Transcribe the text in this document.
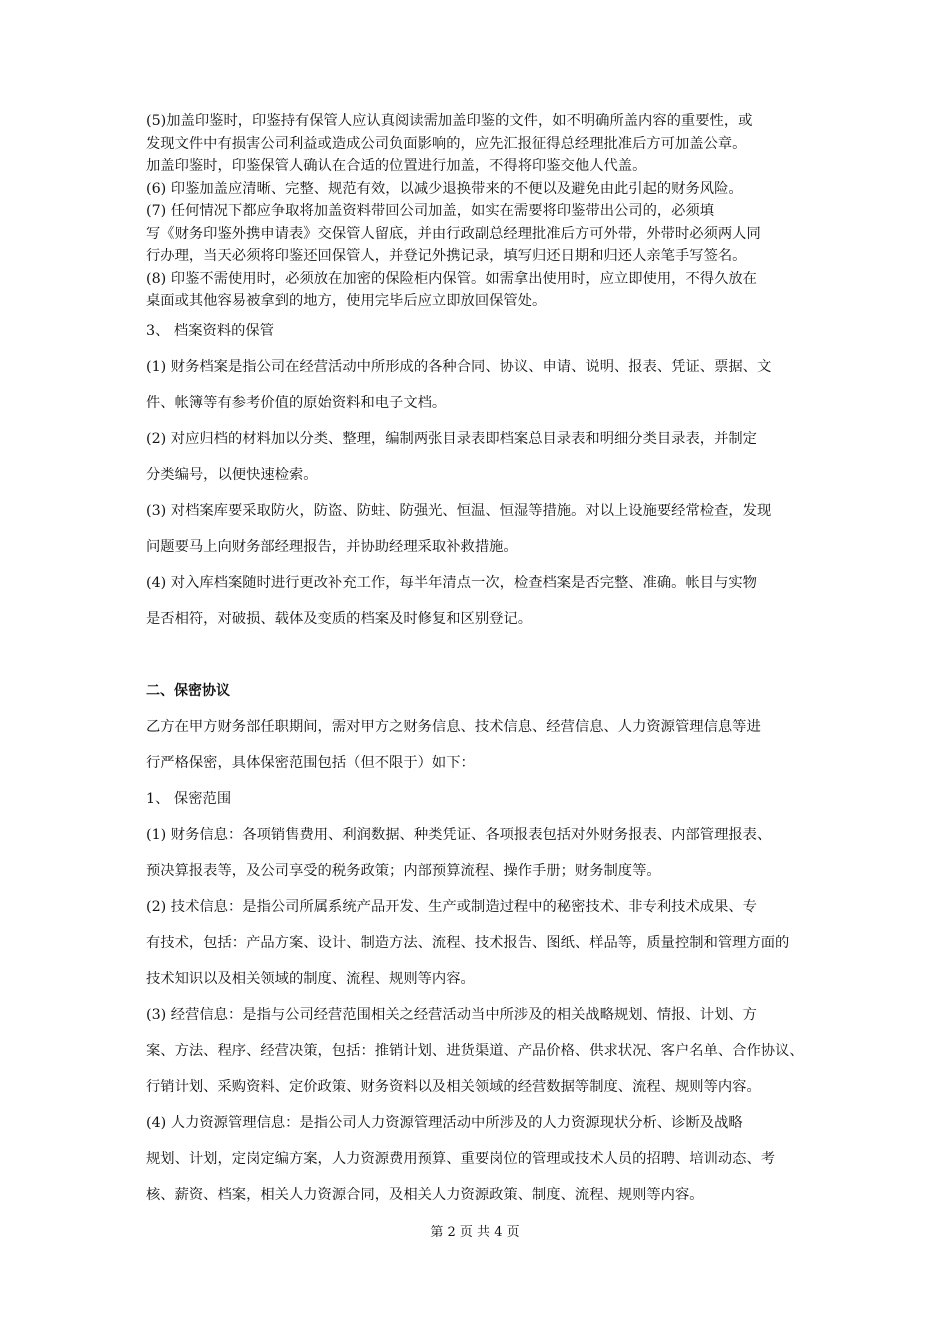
(5)加盖印鉴时，印鉴持有保管人应认真阅读需加盖印鉴的文件，如不明确所盖内容的重要性，或
发现文件中有损害公司利益或造成公司负面影响的，应先汇报征得总经理批准后方可加盖公章。
加盖印鉴时，印鉴保管人确认在合适的位置进行加盖，不得将印鉴交他人代盖。

(6) 印鉴加盖应清晰、完整、规范有效，以减少退换带来的不便以及避免由此引起的财务风险。

(7) 任何情况下都应争取将加盖资料带回公司加盖，如实在需要将印鉴带出公司的，必须填
写《财务印鉴外携申请表》交保管人留底，并由行政副总经理批准后方可外带，外带时必须两人同
行办理，当天必须将印鉴还回保管人，并登记外携记录，填写归还日期和归还人亲笔手写签名。

(8) 印鉴不需使用时，必须放在加密的保险柜内保管。如需拿出使用时，应立即使用，不得久放在
桌面或其他容易被拿到的地方，使用完毕后应立即放回保管处。

3、 档案资料的保管

(1) 财务档案是指公司在经营活动中所形成的各种合同、协议、申请、说明、报表、凭证、票据、文
件、帐簿等有参考价值的原始资料和电子文档。

(2) 对应归档的材料加以分类、整理，编制两张目录表即档案总目录表和明细分类目录表，并制定
分类编号，以便快速检索。

(3) 对档案库要采取防火，防盗、防蛀、防强光、恒温、恒湿等措施。对以上设施要经常检查，发现
问题要马上向财务部经理报告，并协助经理采取补救措施。

(4) 对入库档案随时进行更改补充工作，每半年清点一次，检查档案是否完整、准确。帐目与实物
是否相符，对破损、载体及变质的档案及时修复和区别登记。

二、保密协议

乙方在甲方财务部任职期间，需对甲方之财务信息、技术信息、经营信息、人力资源管理信息等进
行严格保密，具体保密范围包括（但不限于）如下：

1、 保密范围

(1) 财务信息：各项销售费用、利润数据、种类凭证、各项报表包括对外财务报表、内部管理报表、
预决算报表等，及公司享受的税务政策；内部预算流程、操作手册；财务制度等。

(2) 技术信息：是指公司所属系统产品开发、生产或制造过程中的秘密技术、非专利技术成果、专
有技术，包括：产品方案、设计、制造方法、流程、技术报告、图纸、样品等，质量控制和管理方面的
技术知识以及相关领域的制度、流程、规则等内容。

(3) 经营信息：是指与公司经营范围相关之经营活动当中所涉及的相关战略规划、情报、计划、方
案、方法、程序、经营决策，包括：推销计划、进货渠道、产品价格、供求状况、客户名单、合作协议、
行销计划、采购资料、定价政策、财务资料以及相关领域的经营数据等制度、流程、规则等内容。

(4) 人力资源管理信息：是指公司人力资源管理活动中所涉及的人力资源现状分析、诊断及战略
规划、计划，定岗定编方案，人力资源费用预算、重要岗位的管理或技术人员的招聘、培训动态、考
核、薪资、档案，相关人力资源合同，及相关人力资源政策、制度、流程、规则等内容。

第 2 页 共 4 页
